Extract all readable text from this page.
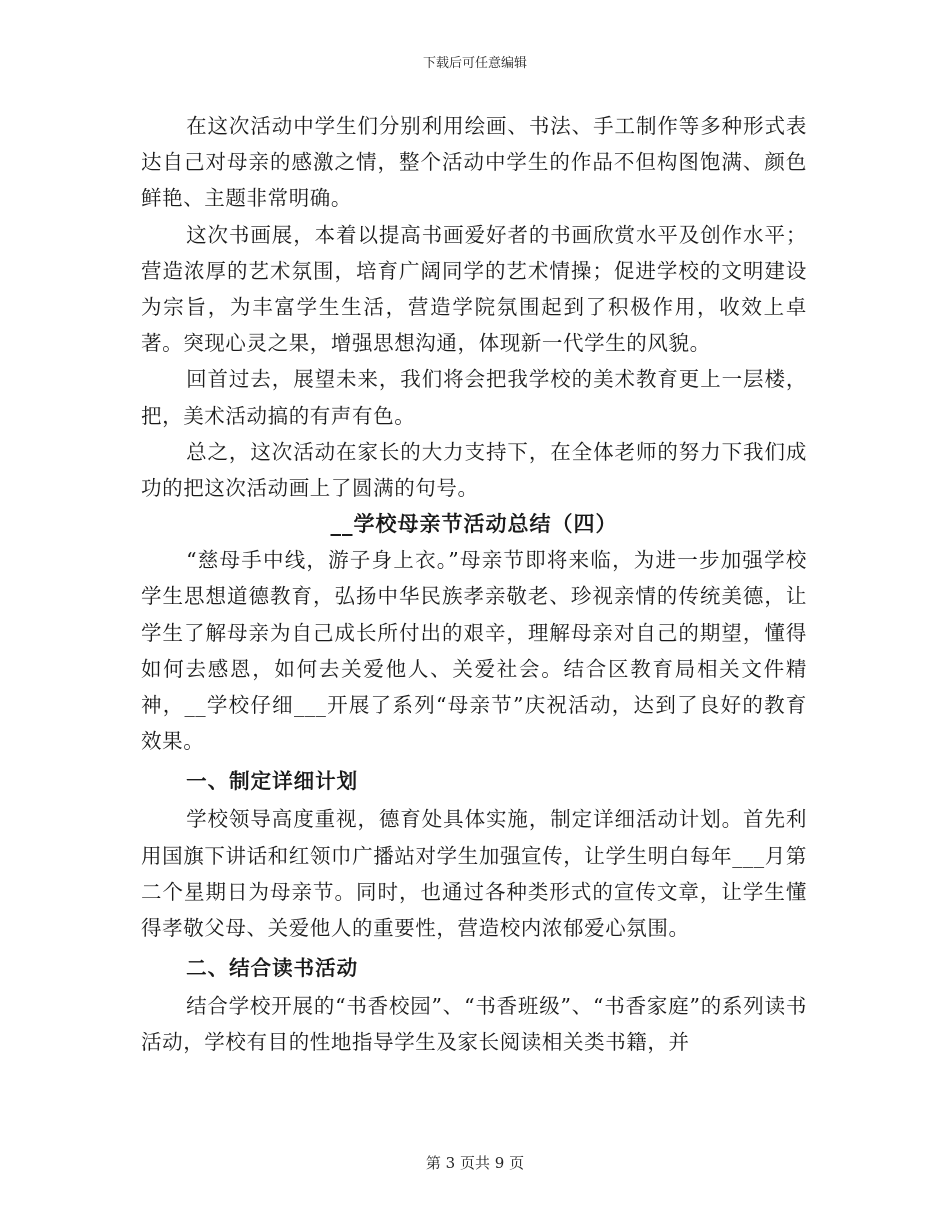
下载后可任意编辑

在这次活动中学生们分别利用绘画、书法、手工制作等多种形式表达自己对母亲的感激之情，整个活动中学生的作品不但构图饱满、颜色鲜艳、主题非常明确。

这次书画展，本着以提高书画爱好者的书画欣赏水平及创作水平；营造浓厚的艺术氛围，培育广阔同学的艺术情操；促进学校的文明建设为宗旨，为丰富学生生活，营造学院氛围起到了积极作用，收效上卓著。突现心灵之果，增强思想沟通，体现新一代学生的风貌。

回首过去，展望未来，我们将会把我学校的美术教育更上一层楼，把，美术活动搞的有声有色。

总之，这次活动在家长的大力支持下，在全体老师的努力下我们成功的把这次活动画上了圆满的句号。

__学校母亲节活动总结（四）

“慈母手中线，游子身上衣。”母亲节即将来临，为进一步加强学校学生思想道德教育，弘扬中华民族孝亲敬老、珍视亲情的传统美德，让学生了解母亲为自己成长所付出的艰辛，理解母亲对自己的期望，懂得如何去感恩，如何去关爱他人、关爱社会。结合区教育局相关文件精神，__学校仔细___开展了系列“母亲节”庆祝活动，达到了良好的教育效果。

一、制定详细计划

学校领导高度重视，德育处具体实施，制定详细活动计划。首先利用国旗下讲话和红领巾广播站对学生加强宣传，让学生明白每年___月第二个星期日为母亲节。同时，也通过各种类形式的宣传文章，让学生懂得孝敬父母、关爱他人的重要性，营造校内浓郁爱心氛围。

二、结合读书活动

结合学校开展的“书香校园”、“书香班级”、“书香家庭”的系列读书活动，学校有目的性地指导学生及家长阅读相关类书籍，并

第 3 页共 9 页
